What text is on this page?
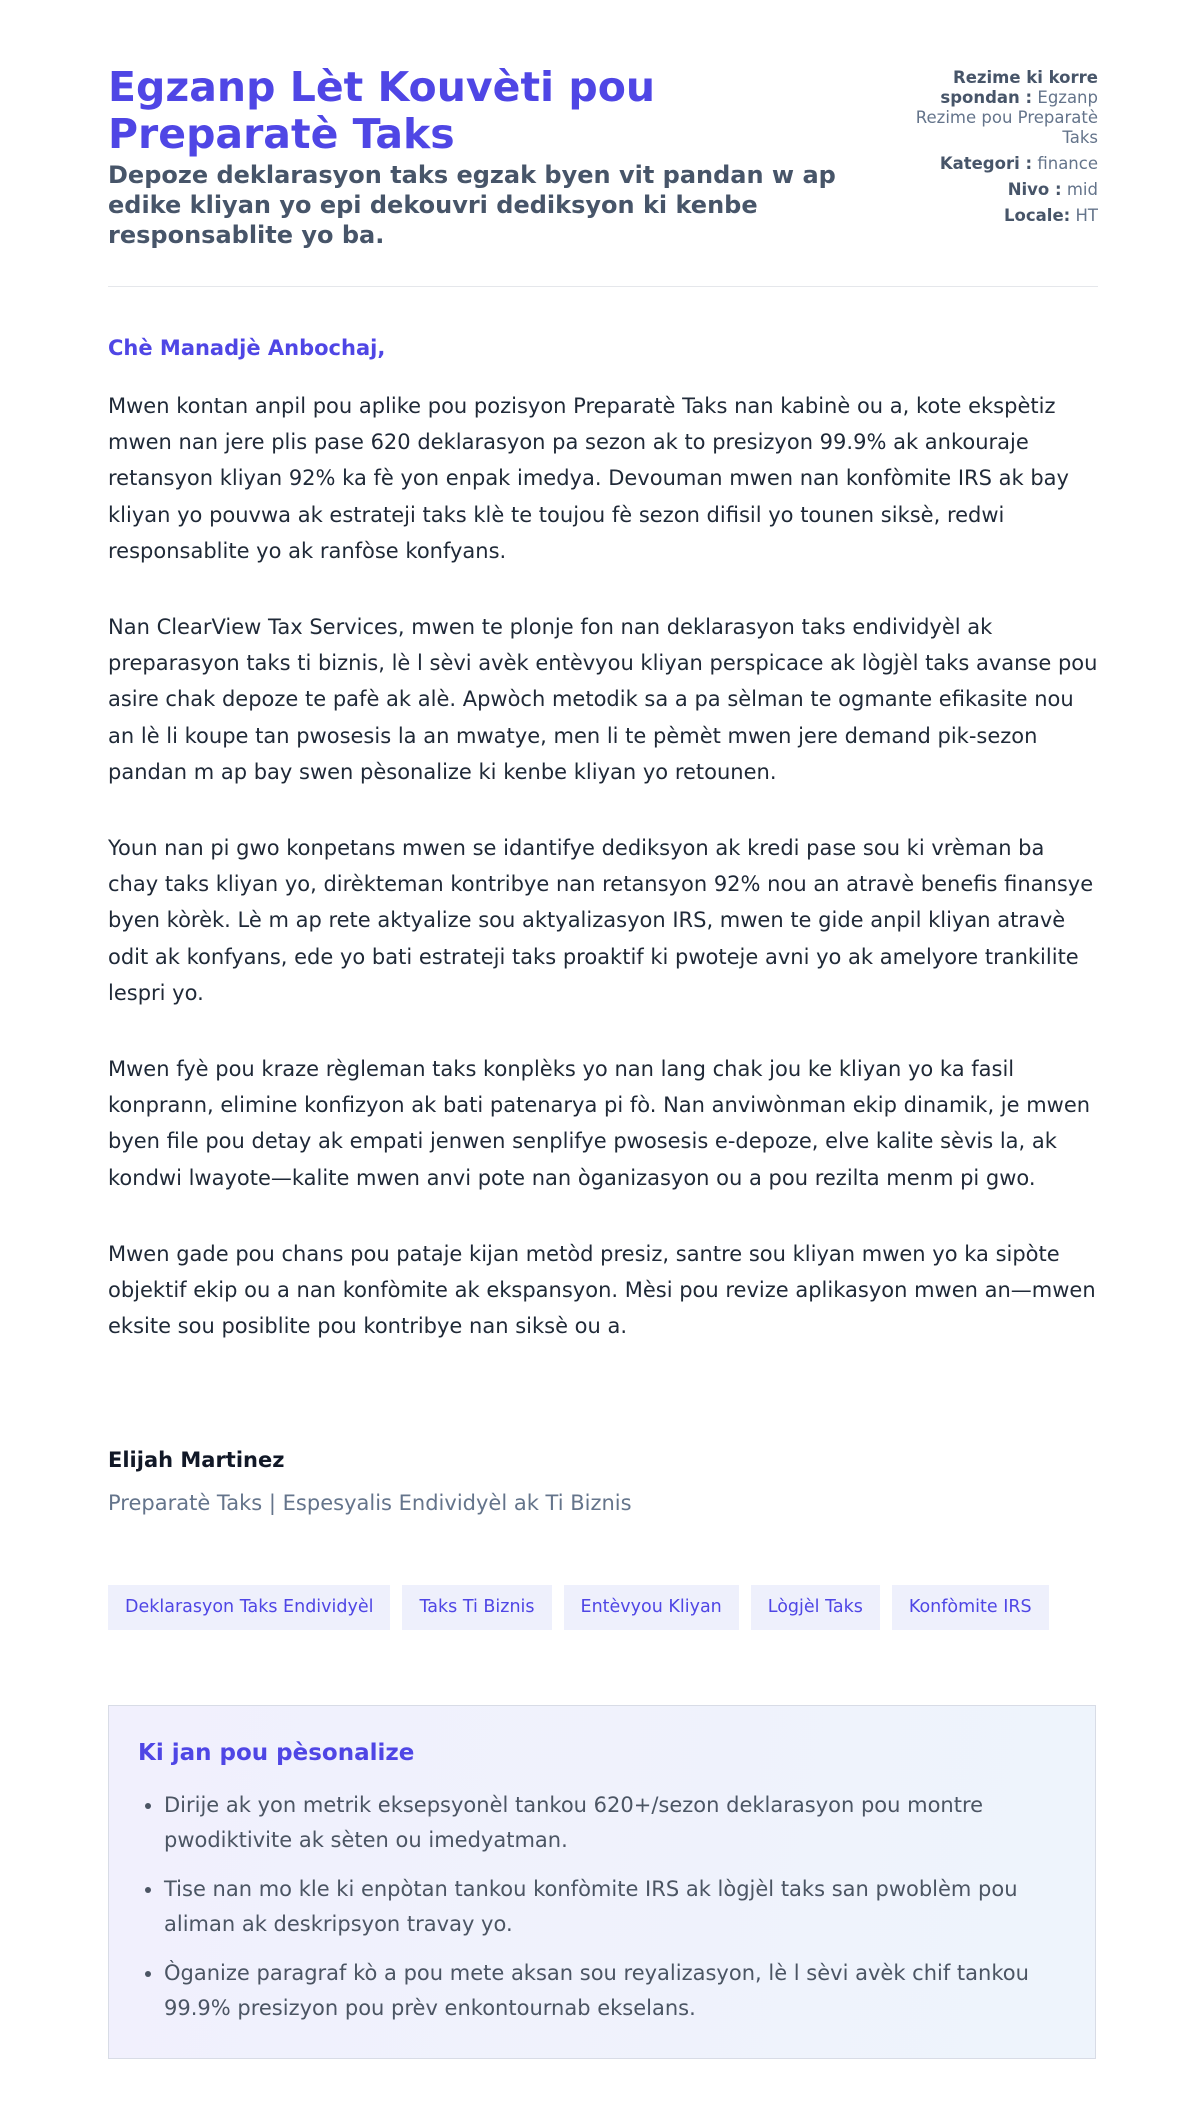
Egzanp Lèt Kouvèti pou Preparatè Taks
Depoze deklarasyon taks egzak byen vit pandan w ap edike kliyan yo epi dekouvri dediksyon ki kenbe responsablite yo ba.
Rezime ki korre spondan : Egzanp Rezime pou Preparatè Taks
Kategori : finance
Nivo : mid
Locale: HT

Chè Manadjè Anbochaj,

Mwen kontan anpil pou aplike pou pozisyon Preparatè Taks nan kabinè ou a, kote ekspètiz mwen nan jere plis pase 620 deklarasyon pa sezon ak to presizyon 99.9% ak ankouraje retansyon kliyan 92% ka fè yon enpak imedya. Devouman mwen nan konfòmite IRS ak bay kliyan yo pouvwa ak estrateji taks klè te toujou fè sezon difisil yo tounen siksè, redwi responsablite yo ak ranfòse konfyans.

Nan ClearView Tax Services, mwen te plonje fon nan deklarasyon taks endividyèl ak preparasyon taks ti biznis, lè l sèvi avèk entèvyou kliyan perspicace ak lògjèl taks avanse pou asire chak depoze te pafè ak alè. Apwòch metodik sa a pa sèlman te ogmante efikasite nou an lè li koupe tan pwosesis la an mwatye, men li te pèmèt mwen jere demand pik-sezon pandan m ap bay swen pèsonalize ki kenbe kliyan yo retounen.

Youn nan pi gwo konpetans mwen se idantifye dediksyon ak kredi pase sou ki vrèman ba chay taks kliyan yo, dirèkteman kontribye nan retansyon 92% nou an atravè benefis finansye byen kòrèk. Lè m ap rete aktyalize sou aktyalizasyon IRS, mwen te gide anpil kliyan atravè odit ak konfyans, ede yo bati estrateji taks proaktif ki pwoteje avni yo ak amelyore trankilite lespri yo.

Mwen fyè pou kraze règleman taks konplèks yo nan lang chak jou ke kliyan yo ka fasil konprann, elimine konfizyon ak bati patenarya pi fò. Nan anviwònman ekip dinamik, je mwen byen file pou detay ak empati jenwen senplifye pwosesis e-depoze, elve kalite sèvis la, ak kondwi lwayote—kalite mwen anvi pote nan òganizasyon ou a pou rezilta menm pi gwo.

Mwen gade pou chans pou pataje kijan metòd presiz, santre sou kliyan mwen yo ka sipòte objektif ekip ou a nan konfòmite ak ekspansyon. Mèsi pou revize aplikasyon mwen an—mwen eksite sou posiblite pou kontribye nan siksè ou a.

Elijah Martinez

Preparatè Taks | Espesyalis Endividyèl ak Ti Biznis

Deklarasyon Taks Endividyèl	Taks Ti Biznis	Entèvyou Kliyan	Lògjèl Taks	Konfòmite IRS
Ki jan pou pèsonalize
• Dirije ak yon metrik eksepsyonèl tankou 620+/sezon deklarasyon pou montre pwodiktivite ak sèten ou imedyatman.
• Tise nan mo kle ki enpòtan tankou konfòmite IRS ak lògjèl taks san pwoblèm pou aliman ak deskripsyon travay yo.
• Òganize paragraf kò a pou mete aksan sou reyalizasyon, lè l sèvi avèk chif tankou 99.9% presizyon pou prèv enkontournab ekselans.
